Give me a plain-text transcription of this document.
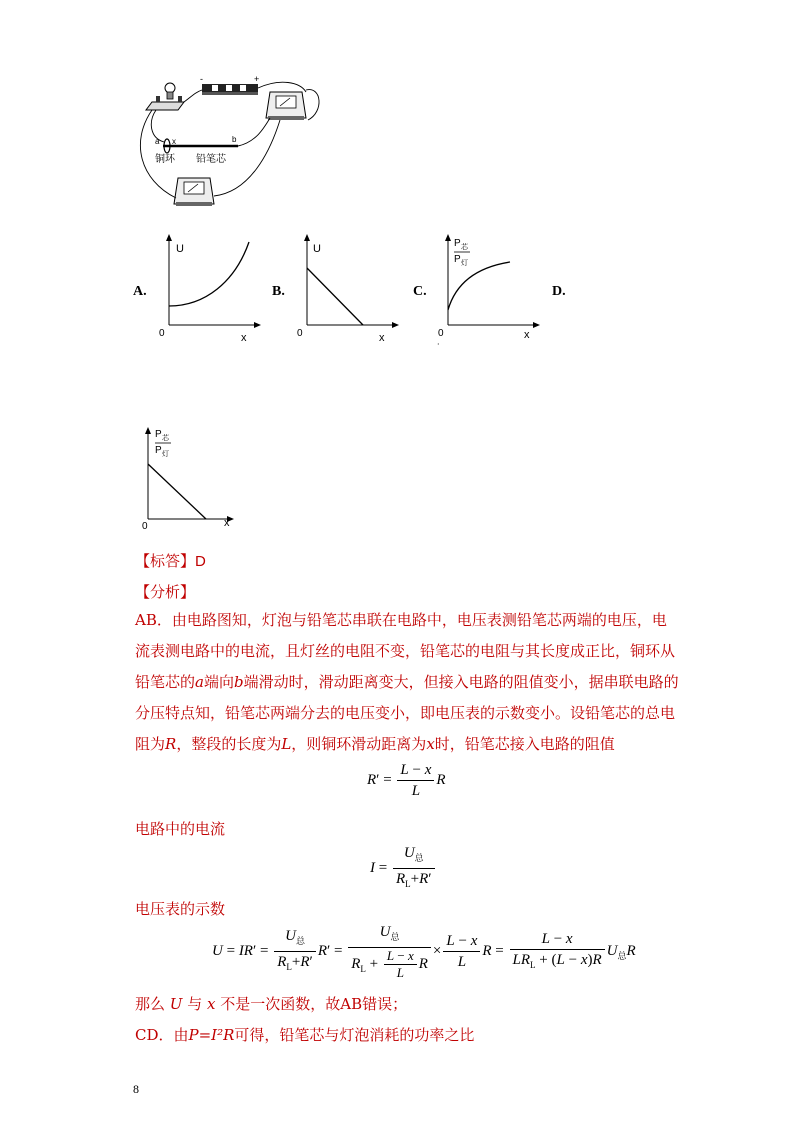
-	+
a x	b
铜环 铅笔芯
A.	B.	C.	D.
U
0	x
U
0	x
P 芯
P 灯
0	x
·
P 芯
P 灯
0	x
【标答】D
【分析】
AB．由电路图知，灯泡与铅笔芯串联在电路中，电压表测铅笔芯两端的电压，电流表测电路中的电流，且灯丝的电阻不变，铅笔芯的电阻与其长度成正比，铜环从铅笔芯的a端向b端滑动时，滑动距离变大，但接入电路的阻值变小，据串联电路的分压特点知，铅笔芯两端分去的电压变小，即电压表的示数变小。设铅笔芯的总电阻为R，整段的长度为L，则铜环滑动距离为x时，铅笔芯接入电路的阻值
$R' = \frac{L - x}{L}$ R
电路中的电流
$I = \frac{U_总}{R_L+R'}$
电压表的示数
$U = IR' = \frac{U_总}{R_L+R'} R' = \frac{U_总}{R_L + \frac{L - x}{L} R} \times \frac{L - x}{L}$ $R = \frac{L - x}{LR_L + (L - x)R} U_总R$
那么 U 与 x 不是一次函数，故AB错误；
CD．由P=I²R可得，铅笔芯与灯泡消耗的功率之比
8
